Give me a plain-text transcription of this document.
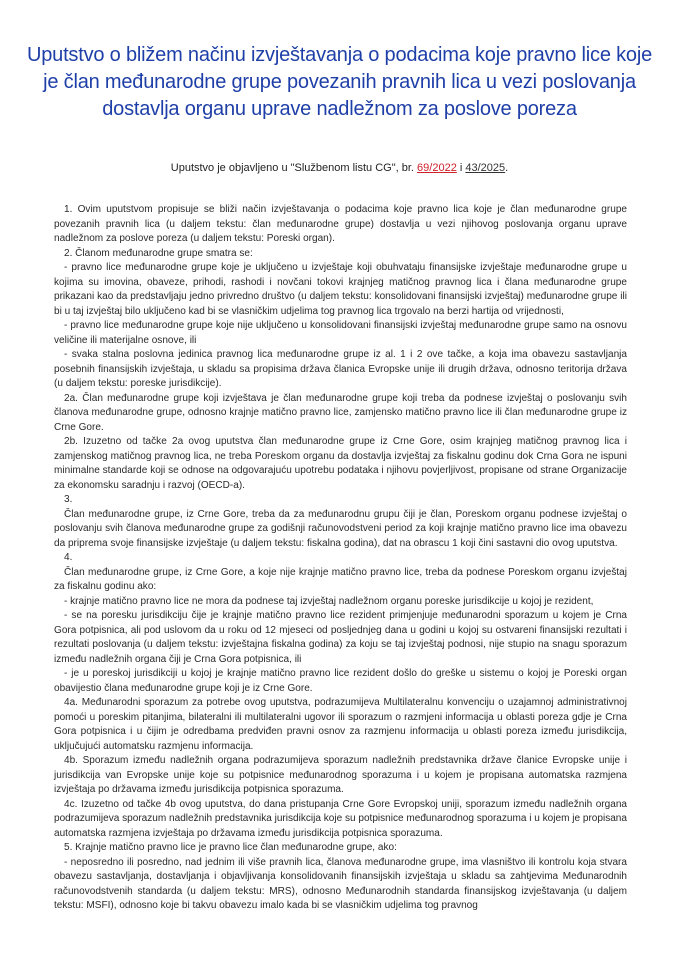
Uputstvo o bližem načinu izvještavanja o podacima koje pravno lice koje je član međunarodne grupe povezanih pravnih lica u vezi poslovanja dostavlja organu uprave nadležnom za poslove poreza
Uputstvo je objavljeno u "Službenom listu CG", br. 69/2022 i 43/2025.

1. Ovim uputstvom propisuje se bliži način izvještavanja o podacima koje pravno lica koje je član međunarodne grupe povezanih pravnih lica (u daljem tekstu: član međunarodne grupe) dostavlja u vezi njihovog poslovanja organu uprave nadležnom za poslove poreza (u daljem tekstu: Poreski organ).

2. Članom međunarodne grupe smatra se:

- pravno lice međunarodne grupe koje je uključeno u izvještaje koji obuhvataju finansijske izvještaje međunarodne grupe u kojima su imovina, obaveze, prihodi, rashodi i novčani tokovi krajnjeg matičnog pravnog lica i člana međunarodne grupe prikazani kao da predstavljaju jedno privredno društvo (u daljem tekstu: konsolidovani finansijski izvještaj) međunarodne grupe ili bi u taj izvještaj bilo uključeno kad bi se vlasničkim udjelima tog pravnog lica trgovalo na berzi hartija od vrijednosti,

- pravno lice međunarodne grupe koje nije uključeno u konsolidovani finansijski izvještaj međunarodne grupe samo na osnovu veličine ili materijalne osnove, ili

- svaka stalna poslovna jedinica pravnog lica međunarodne grupe iz al. 1 i 2 ove tačke, a koja ima obavezu sastavljanja posebnih finansijskih izvještaja, u skladu sa propisima država članica Evropske unije ili drugih država, odnosno teritorija država (u daljem tekstu: poreske jurisdikcije).

2a. Član međunarodne grupe koji izvještava je član međunarodne grupe koji treba da podnese izvještaj o poslovanju svih članova međunarodne grupe, odnosno krajnje matično pravno lice, zamjensko matično pravno lice ili član međunarodne grupe iz Crne Gore.

2b. Izuzetno od tačke 2a ovog uputstva član međunarodne grupe iz Crne Gore, osim krajnjeg matičnog pravnog lica i zamjenskog matičnog pravnog lica, ne treba Poreskom organu da dostavlja izvještaj za fiskalnu godinu dok Crna Gora ne ispuni minimalne standarde koji se odnose na odgovarajuću upotrebu podataka i njihovu povjerljivost, propisane od strane Organizacije za ekonomsku saradnju i razvoj (OECD-a).

3.

Član međunarodne grupe, iz Crne Gore, treba da za međunarodnu grupu čiji je član, Poreskom organu podnese izvještaj o poslovanju svih članova međunarodne grupe za godišnji računovodstveni period za koji krajnje matično pravno lice ima obavezu da priprema svoje finansijske izvještaje (u daljem tekstu: fiskalna godina), dat na obrascu 1 koji čini sastavni dio ovog uputstva.

4.

Član međunarodne grupe, iz Crne Gore, a koje nije krajnje matično pravno lice, treba da podnese Poreskom organu izvještaj za fiskalnu godinu ako:

- krajnje matično pravno lice ne mora da podnese taj izvještaj nadležnom organu poreske jurisdikcije u kojoj je rezident,

- se na poresku jurisdikciju čije je krajnje matično pravno lice rezident primjenjuje međunarodni sporazum u kojem je Crna Gora potpisnica, ali pod uslovom da u roku od 12 mjeseci od posljednjeg dana u godini u kojoj su ostvareni finansijski rezultati i rezultati poslovanja (u daljem tekstu: izvještajna fiskalna godina) za koju se taj izvještaj podnosi, nije stupio na snagu sporazum između nadležnih organa čiji je Crna Gora potpisnica, ili

- je u poreskoj jurisdikciji u kojoj je krajnje matično pravno lice rezident došlo do greške u sistemu o kojoj je Poreski organ obavijestio člana međunarodne grupe koji je iz Crne Gore.

4a. Međunarodni sporazum za potrebe ovog uputstva, podrazumijeva Multilateralnu konvenciju o uzajamnoj administrativnoj pomoći u poreskim pitanjima, bilateralni ili multilateralni ugovor ili sporazum o razmjeni informacija u oblasti poreza gdje je Crna Gora potpisnica i u čijim je odredbama predviđen pravni osnov za razmjenu informacija u oblasti poreza između jurisdikcija, uključujući automatsku razmjenu informacija.

4b. Sporazum između nadležnih organa podrazumijeva sporazum nadležnih predstavnika države članice Evropske unije i jurisdikcija van Evropske unije koje su potpisnice međunarodnog sporazuma i u kojem je propisana automatska razmjena izvještaja po državama između jurisdikcija potpisnica sporazuma.

4c. Izuzetno od tačke 4b ovog uputstva, do dana pristupanja Crne Gore Evropskoj uniji, sporazum između nadležnih organa podrazumijeva sporazum nadležnih predstavnika jurisdikcija koje su potpisnice međunarodnog sporazuma i u kojem je propisana automatska razmjena izvještaja po državama između jurisdikcija potpisnica sporazuma.

5. Krajnje matično pravno lice je pravno lice član međunarodne grupe, ako:

- neposredno ili posredno, nad jednim ili više pravnih lica, članova međunarodne grupe, ima vlasništvo ili kontrolu koja stvara obavezu sastavljanja, dostavljanja i objavljivanja konsolidovanih finansijskih izvještaja u skladu sa zahtjevima Međunarodnih računovodstvenih standarda (u daljem tekstu: MRS), odnosno Međunarodnih standarda finansijskog izvještavanja (u daljem tekstu: MSFI), odnosno koje bi takvu obavezu imalo kada bi se vlasničkim udjelima tog pravnog
